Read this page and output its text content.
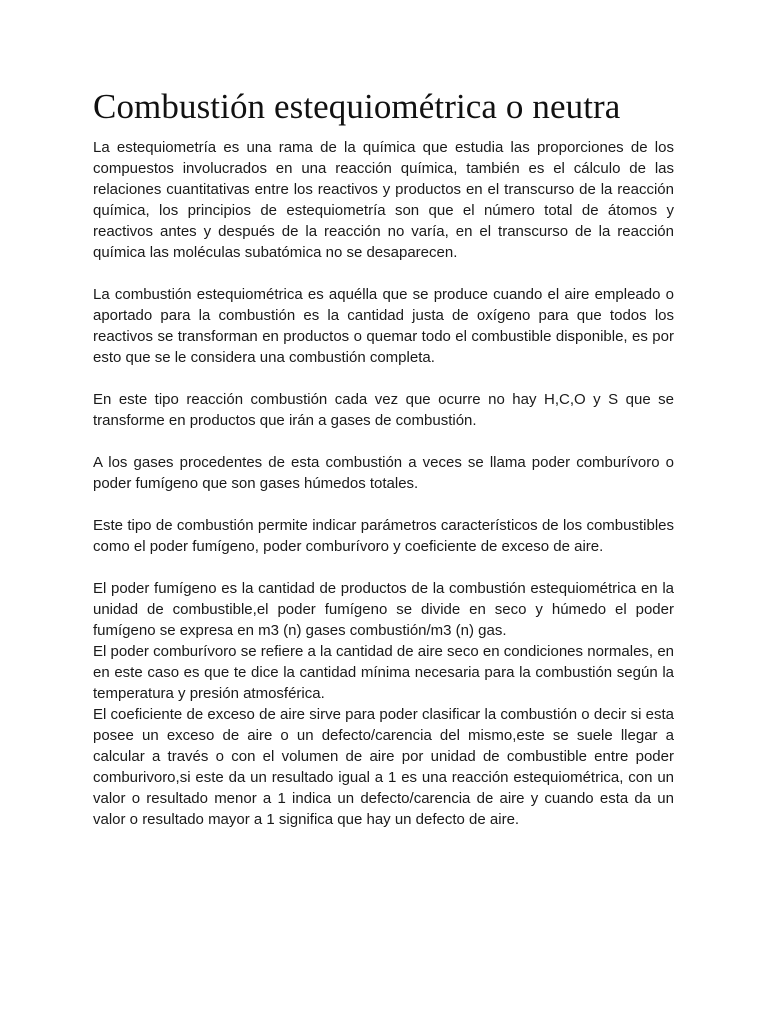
Combustión estequiométrica o neutra

La estequiometría es una rama de la química que estudia las proporciones de los compuestos involucrados en una reacción química, también es el cálculo de las relaciones cuantitativas entre los reactivos y productos en el transcurso de la reacción química, los principios de estequiometría son que el número total de átomos y reactivos antes y después de la reacción no varía, en el transcurso de la reacción química las moléculas subatómica no se desaparecen.

La combustión estequiométrica es aquélla que se produce cuando el aire empleado o aportado para la combustión es la cantidad justa de oxígeno para que todos los reactivos se transforman en productos o quemar todo el combustible disponible, es por esto que se le considera una combustión completa.

En este tipo reacción combustión cada vez que ocurre no hay H,C,O y S que se transforme en productos que irán a gases de combustión.

A los gases procedentes de esta combustión a veces se llama poder comburívoro o poder fumígeno que son gases húmedos totales.

Este tipo de combustión permite indicar parámetros característicos de los combustibles como el poder fumígeno, poder comburívoro y coeficiente de exceso de aire.

El poder fumígeno es la cantidad de productos de la combustión estequiométrica en la unidad de combustible,el poder fumígeno se divide en seco y húmedo el poder fumígeno se expresa en m3 (n) gases combustión/m3 (n) gas.

El poder comburívoro se refiere a la cantidad de aire seco en condiciones normales, en en este caso es que te dice la cantidad mínima necesaria para la combustión según la temperatura y presión atmosférica.

El coeficiente de exceso de aire sirve para poder clasificar la combustión o decir si esta posee un exceso de aire o un defecto/carencia del mismo,este se suele llegar a calcular a través o con el volumen de aire por unidad de combustible entre poder comburivoro,si este da un resultado igual a 1 es una reacción estequiométrica, con un valor o resultado menor a 1 indica un defecto/carencia de aire y cuando esta da un valor o resultado mayor a 1 significa que hay un defecto de aire.
